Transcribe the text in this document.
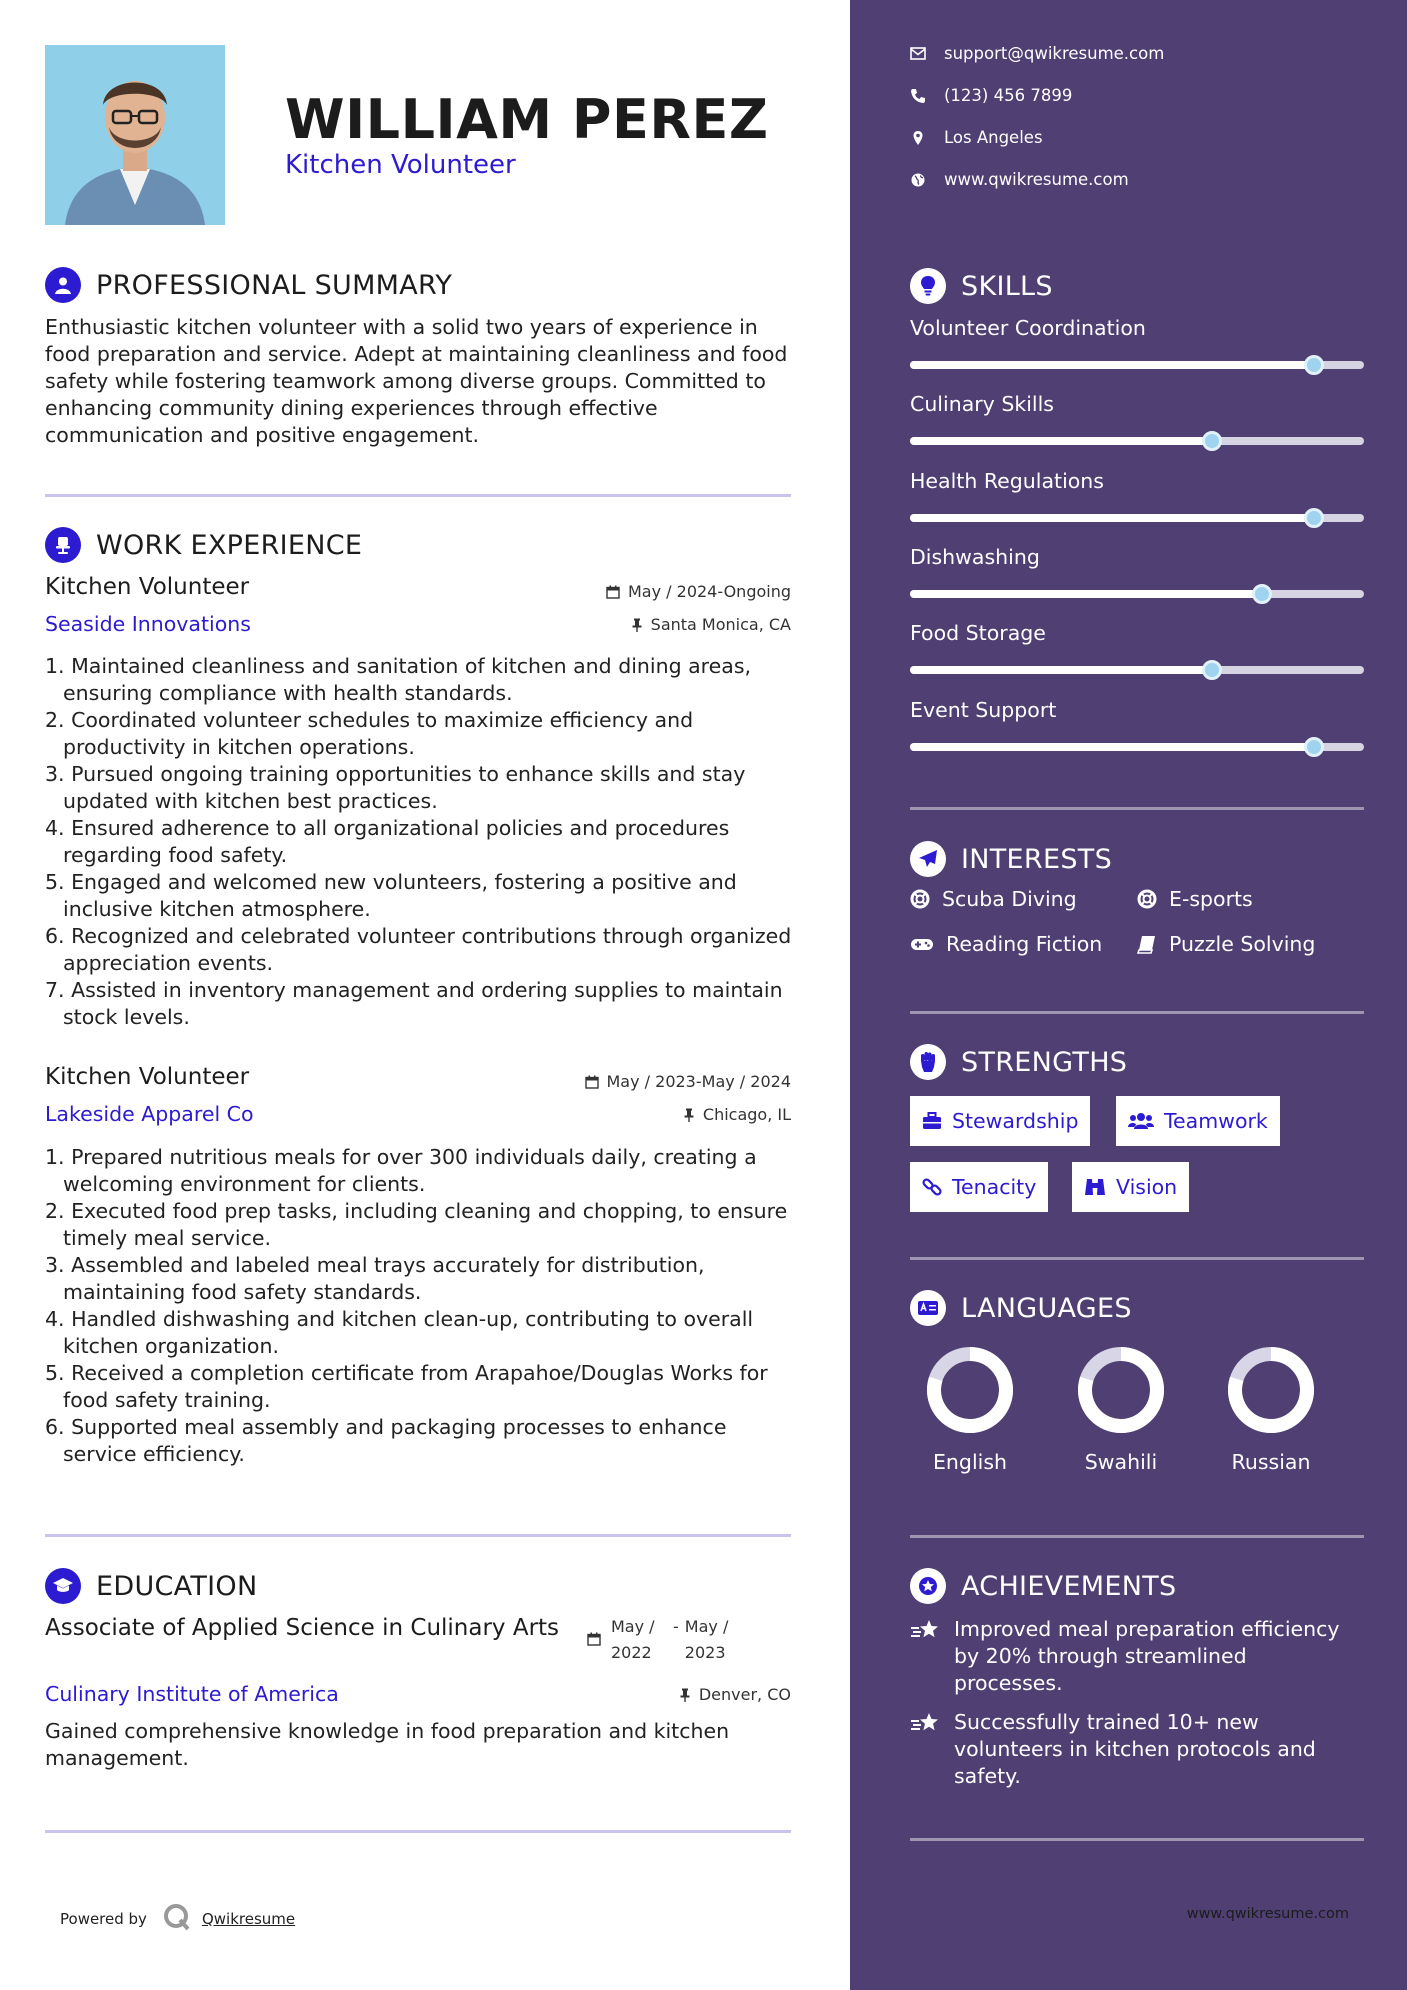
WILLIAM PEREZ
Kitchen Volunteer
PROFESSIONAL SUMMARY
Enthusiastic kitchen volunteer with a solid two years of experience in food preparation and service. Adept at maintaining cleanliness and food safety while fostering teamwork among diverse groups. Committed to enhancing community dining experiences through effective communication and positive engagement.
WORK EXPERIENCE
Kitchen Volunteer	May / 2024-Ongoing
Seaside Innovations	Santa Monica, CA
1. Maintained cleanliness and sanitation of kitchen and dining areas, ensuring compliance with health standards.
2. Coordinated volunteer schedules to maximize efficiency and productivity in kitchen operations.
3. Pursued ongoing training opportunities to enhance skills and stay updated with kitchen best practices.
4. Ensured adherence to all organizational policies and procedures regarding food safety.
5. Engaged and welcomed new volunteers, fostering a positive and inclusive kitchen atmosphere.
6. Recognized and celebrated volunteer contributions through organized appreciation events.
7. Assisted in inventory management and ordering supplies to maintain stock levels.
Kitchen Volunteer	May / 2023-May / 2024
Lakeside Apparel Co	Chicago, IL
1. Prepared nutritious meals for over 300 individuals daily, creating a welcoming environment for clients.
2. Executed food prep tasks, including cleaning and chopping, to ensure timely meal service.
3. Assembled and labeled meal trays accurately for distribution, maintaining food safety standards.
4. Handled dishwashing and kitchen clean-up, contributing to overall kitchen organization.
5. Received a completion certificate from Arapahoe/Douglas Works for food safety training.
6. Supported meal assembly and packaging processes to enhance service efficiency.
EDUCATION
Associate of Applied Science in Culinary Arts	May / 2022
- May / 2023
Culinary Institute of America	Denver, CO
Gained comprehensive knowledge in food preparation and kitchen management.
Powered by	Qwikresume
support@qwikresume.com
(123) 456 7899
Los Angeles
www.qwikresume.com
SKILLS
Volunteer Coordination
Culinary Skills
Health Regulations
Dishwashing
Food Storage
Event Support
INTERESTS
Scuba Diving	E-sports
Reading Fiction	Puzzle Solving
STRENGTHS
Stewardship	Teamwork
Tenacity	Vision
LANGUAGES
English	Swahili	Russian
ACHIEVEMENTS
Improved meal preparation efficiency by 20% through streamlined processes.
Successfully trained 10+ new volunteers in kitchen protocols and safety.
www.qwikresume.com
